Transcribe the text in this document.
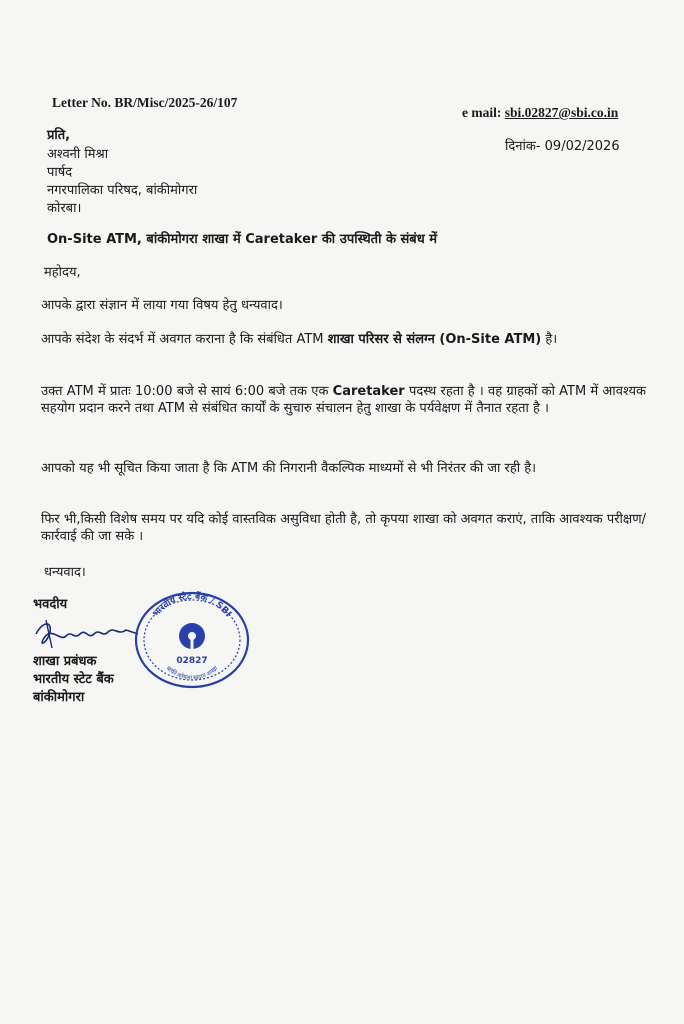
Letter No. BR/Misc/2025-26/107
e mail: sbi.02827@sbi.co.in
दिनांक- 09/02/2026
प्रति,
अश्वनी मिश्रा
पार्षद
नगरपालिका परिषद, बांकीमोगरा
कोरबा।
On-Site ATM, बांकीमोगरा शाखा में Caretaker की उपस्थिती के संबंध में
महोदय,
आपके द्वारा संज्ञान में लाया गया विषय हेतु धन्यवाद।
आपके संदेश के संदर्भ में अवगत कराना है कि संबंधित ATM शाखा परिसर से संलग्न (On-Site ATM) है।
उक्त ATM में प्रातः 10:00 बजे से सायं 6:00 बजे तक एक Caretaker पदस्थ रहता है । वह ग्राहकों को ATM में आवश्यक सहयोग प्रदान करने तथा ATM से संबंधित कार्यों के सुचारु संचालन हेतु शाखा के पर्यवेक्षण में तैनात रहता है ।
आपको यह भी सूचित किया जाता है कि ATM की निगरानी वैकल्पिक माध्यमों से भी निरंतर की जा रही है।
फिर भी,किसी विशेष समय पर यदि कोई वास्तविक असुविधा होती है, तो कृपया शाखा को अवगत कराएं, ताकि आवश्यक परीक्षण/कार्रवाई की जा सके ।
धन्यवाद।
भवदीय
शाखा प्रबंधक
भारतीय स्टेट बैंक
बांकीमोगरा
भारतीय स्टेट बैंक / SBI
02827
बांकी कोयला खदान शाखा
